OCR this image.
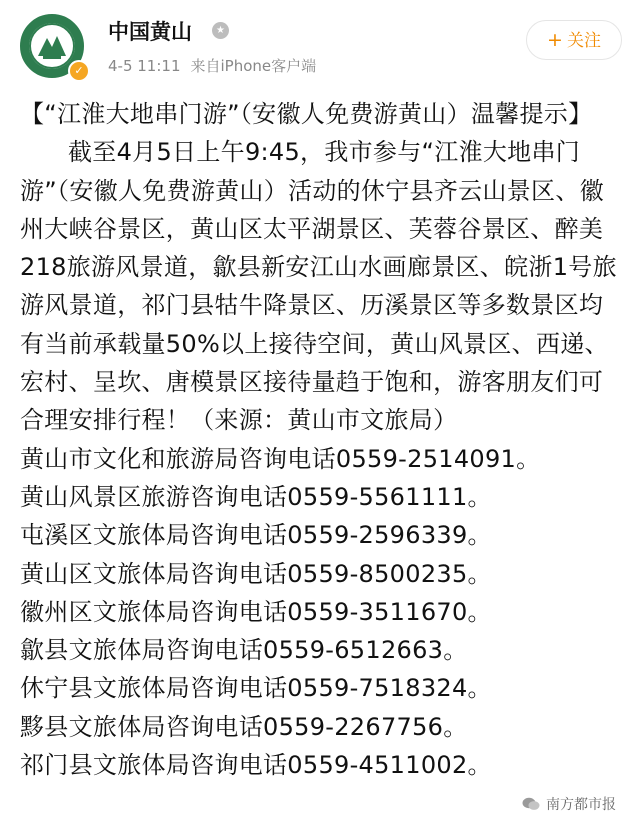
✓
中国黄山	★
4-5 11:11 来自iPhone客户端
+ 关注

【“江淮大地串门游”（安徽人免费游黄山）温馨提示】

截至4月5日上午9:45，我市参与“江淮大地串门游”（安徽人免费游黄山）活动的休宁县齐云山景区、徽州大峡谷景区，黄山区太平湖景区、芙蓉谷景区、醉美218旅游风景道，歙县新安江山水画廊景区、皖浙1号旅游风景道，祁门县牯牛降景区、历溪景区等多数景区均有当前承载量50%以上接待空间，黄山风景区、西递、宏村、呈坎、唐模景区接待量趋于饱和，游客朋友们可合理安排行程！（来源：黄山市文旅局）

黄山市文化和旅游局咨询电话0559-2514091。

黄山风景区旅游咨询电话0559-5561111。

屯溪区文旅体局咨询电话0559-2596339。

黄山区文旅体局咨询电话0559-8500235。

徽州区文旅体局咨询电话0559-3511670。

歙县文旅体局咨询电话0559-6512663。

休宁县文旅体局咨询电话0559-7518324。

黟县文旅体局咨询电话0559-2267756。

祁门县文旅体局咨询电话0559-4511002。

南方都市报
